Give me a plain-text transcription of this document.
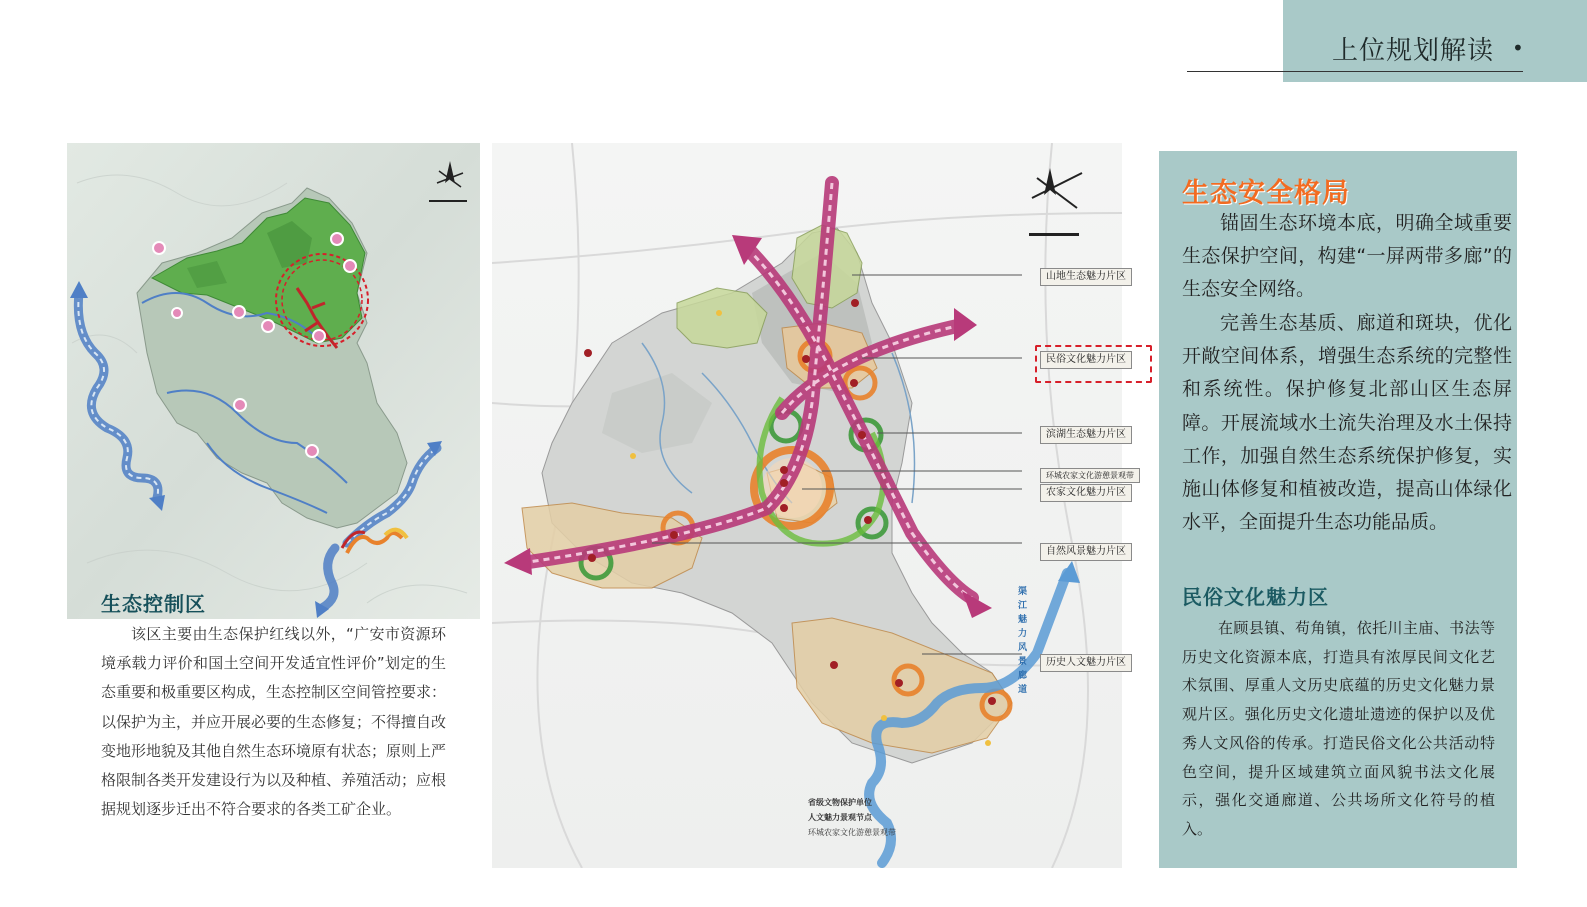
上位规划解读 •
生态控制区
该区主要由生态保护红线以外，“广安市资源环境承载力评价和国土空间开发适宜性评价”划定的生态重要和极重要区构成，生态控制区空间管控要求：以保护为主，并应开展必要的生态修复；不得擅自改变地形地貌及其他自然生态环境原有状态；原则上严格限制各类开发建设行为以及种植、养殖活动；应根据规划逐步迁出不符合要求的各类工矿企业。
山地生态魅力片区
民俗文化魅力片区
滨湖生态魅力片区
环城农家文化游憩景观带
农家文化魅力片区
自然风景魅力片区
历史人文魅力片区
渠江魅力风景廊道
省级文物保护单位
人文魅力景观节点
环城农家文化游憩景观带
生态安全格局
锚固生态环境本底，明确全域重要生态保护空间，构建“一屏两带多廊”的生态安全网络。
完善生态基质、廊道和斑块，优化开敞空间体系，增强生态系统的完整性和系统性。保护修复北部山区生态屏障。开展流域水土流失治理及水土保持工作，加强自然生态系统保护修复，实施山体修复和植被改造，提高山体绿化水平，全面提升生态功能品质。
民俗文化魅力区
在顾县镇、苟角镇，依托川主庙、书法等历史文化资源本底，打造具有浓厚民间文化艺术氛围、厚重人文历史底蕴的历史文化魅力景观片区。强化历史文化遗址遗迹的保护以及优秀人文风俗的传承。打造民俗文化公共活动特色空间，提升区域建筑立面风貌书法文化展示，强化交通廊道、公共场所文化符号的植入。
